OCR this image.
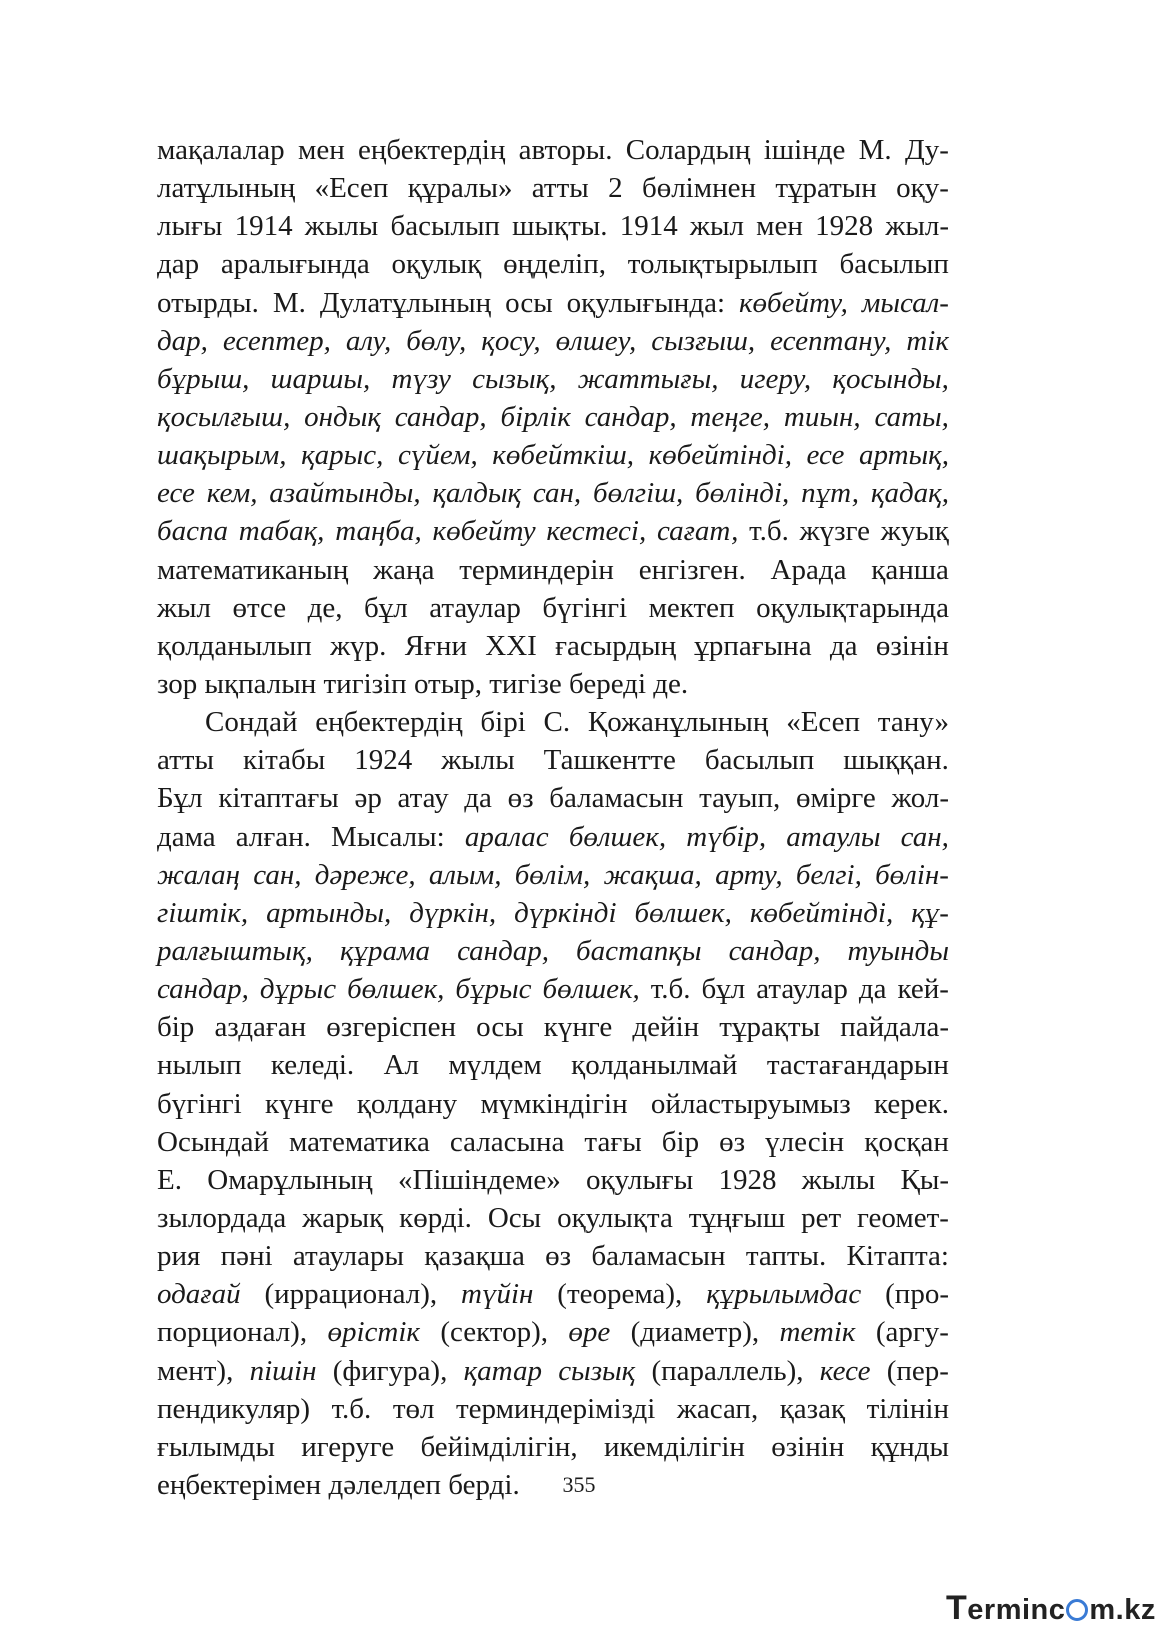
мақалалар мен еңбектердің авторы. Солардың ішінде М. Ду-
латұлының «Есеп құралы» атты 2 бөлімнен тұратын оқу-
лығы 1914 жылы басылып шықты. 1914 жыл мен 1928 жыл-
дар аралығында оқулық өңделіп, толықтырылып басылып
отырды. М. Дулатұлының осы оқулығында: көбейту, мысал-
дар, есептер, алу, бөлу, қосу, өлшеу, сызғыш, есептану, тік
бұрыш, шаршы, түзу сызық, жаттығы, игеру, қосынды,
қосылғыш, ондық сандар, бірлік сандар, теңге, тиын, саты,
шақырым, қарыс, сүйем, көбейткіш, көбейтінді, есе артық,
есе кем, азайтынды, қалдық сан, бөлгіш, бөлінді, пұт, қадақ,
баспа табақ, таңба, көбейту кестесі, сағат, т.б. жүзге жуық
математиканың жаңа терминдерін енгізген. Арада қанша
жыл өтсе де, бұл атаулар бүгінгі мектеп оқулықтарында
қолданылып жүр. Яғни XXІ ғасырдың ұрпағына да өзінін
зор ықпалын тигізіп отыр, тигізе береді де.
Сондай еңбектердің бірі С. Қожанұлының «Есеп тану»
атты кітабы 1924 жылы Ташкентте басылып шыққан.
Бұл кітаптағы әр атау да өз баламасын тауып, өмірге жол-
дама алған. Мысалы: аралас бөлшек, түбір, атаулы сан,
жалаң сан, дәреже, алым, бөлім, жақша, арту, белгі, бөлін-
гіштік, артынды, дүркін, дүркінді бөлшек, көбейтінді, құ-
ралғыштық, құрама сандар, бастапқы сандар, туынды
сандар, дұрыс бөлшек, бұрыс бөлшек, т.б. бұл атаулар да кей-
бір аздаған өзгеріспен осы күнге дейін тұрақты пайдала-
нылып келеді. Ал мүлдем қолданылмай тастағандарын
бүгінгі күнге қолдану мүмкіндігін ойластыруымыз керек.
Осындай математика саласына тағы бір өз үлесін қосқан
Е. Омарұлының «Пішіндеме» оқулығы 1928 жылы Қы-
зылордада жарық көрді. Осы оқулықта тұңғыш рет геомет-
рия пәні атаулары қазақша өз баламасын тапты. Кітапта:
одағай (иррационал), түйін (теорема), құрылымдас (про-
порционал), өрістік (сектор), өре (диаметр), тетік (аргу-
мент), пішін (фигура), қатар сызық (параллель), кесе (пер-
пендикуляр) т.б. төл терминдерімізді жасап, қазақ тілінін
ғылымды игеруге бейімділігін, икемділігін өзінін құнды
еңбектерімен дәлелдеп берді.	355
Terminc m.kz
